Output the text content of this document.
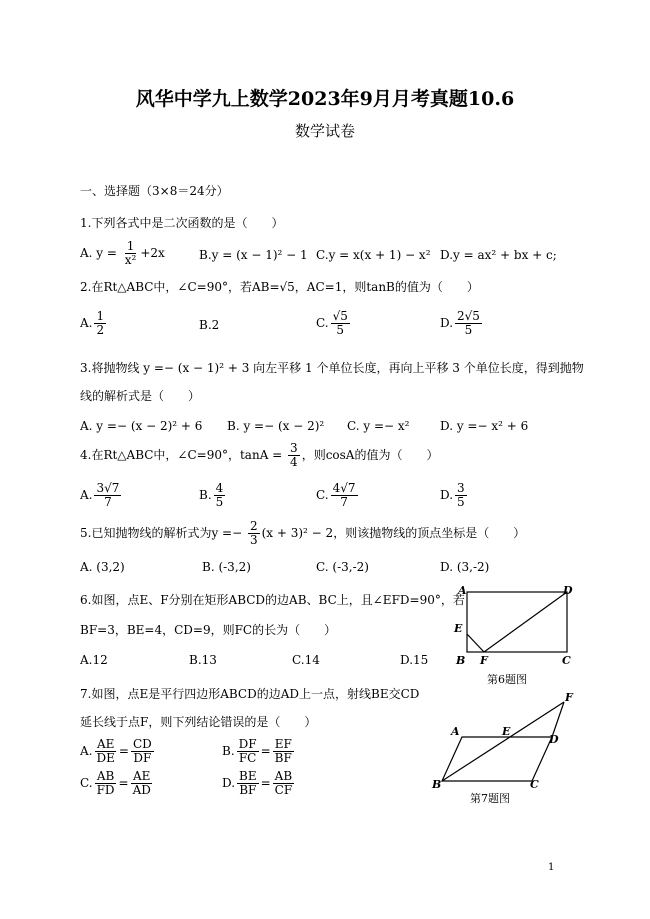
风华中学九上数学2023年9月月考真题10.6
数学试卷
一、选择题（3×8＝24分）
1.下列各式中是二次函数的是（　　）
A. $y = \frac{1}{\text{x²}} +2x$	B.y = (x − 1)² − 1 C.y = x(x + 1) − x² D.y = ax² + bx + c;
2.在Rt△ABC中，∠C=90°，若AB=√5，AC=1，则tanB的值为（　　）
A. $\frac{1}{2}$	B.2	C. $\frac{√5}{5}$	D. $\frac{2√5}{5}$
3.将抛物线 y =− (x − 1)² + 3 向左平移 1 个单位长度，再向上平移 3 个单位长度，得到抛物
线的解析式是（　　）
A. y =− (x − 2)² + 6 B. y =− (x − 2)² C. y =− x²	D. y =− x² + 6
4.在Rt△ABC中，∠C=90°，$\tan A = \frac{3}{4}$ ，则cosA的值为（　　）
A. $\frac{3√7}{7}$	B. $\frac{4}{5}$	C. $\frac{4√7}{7}$	D. $\frac{3}{5}$
5.已知抛物线的解析式为$y =- \frac{2}{3} (x + 3)^2 - 2$，则该抛物线的顶点坐标是（　　）
A. (3,2)	B. (-3,2)	C. (-3,-2)	D. (3,-2)
6.如图，点E、F分别在矩形ABCD的边AB、BC上，且∠EFD=90°，若
BF=3，BE=4，CD=9，则FC的长为（　　）
A.12	B.13	C.14	D.15
A	D
E
B F	C
第6题图
7.如图，点E是平行四边形ABCD的边AD上一点，射线BE交CD
延长线于点F，则下列结论错误的是（　　）
A. $\frac{AE}{DE} = \frac{CD}{DF}$	B. $\frac{DF}{FC} = \frac{EF}{BF}$
C. $\frac{AB}{FD} = \frac{AE}{AD}$	D. $\frac{BE}{BF} = \frac{AB}{CF}$
A	E
D
F
B	C
第7题图
1
